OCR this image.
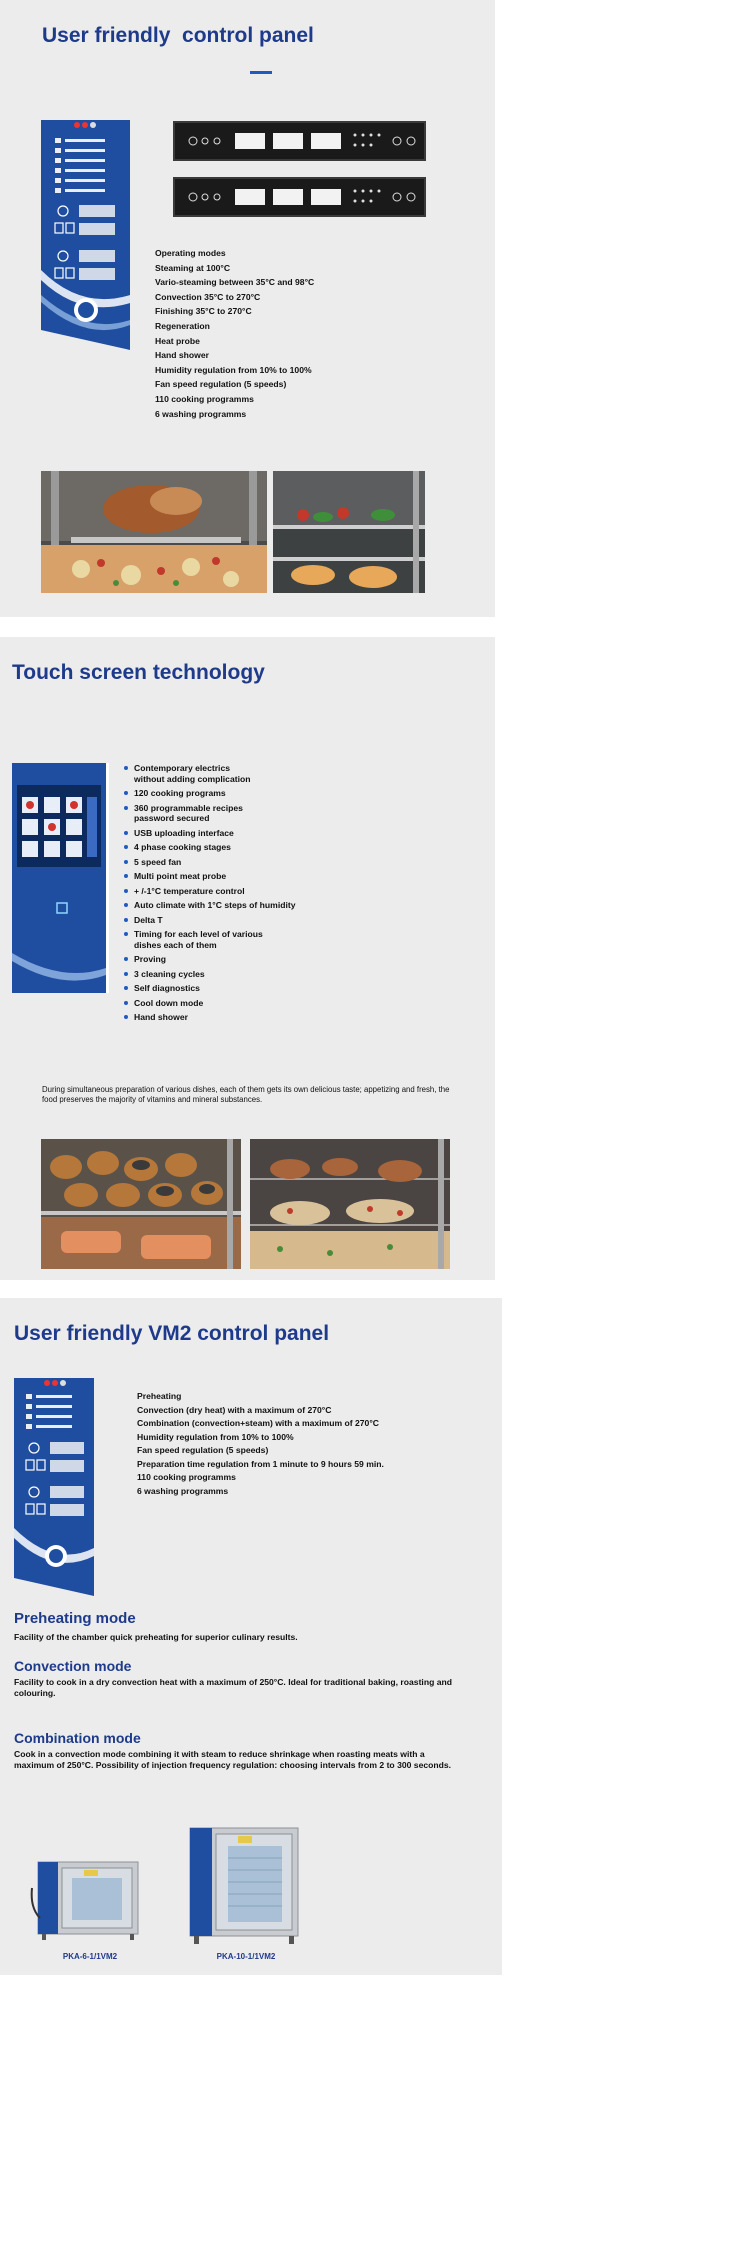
User friendly  control panel
Operating modes
Steaming at 100°C
Vario-steaming between 35°C and 98°C
Convection 35°C to 270°C
Finishing 35°C to 270°C
Regeneration
Heat probe
Hand shower
Humidity regulation from 10% to 100%
Fan speed regulation (5 speeds)
110 cooking programms
6 washing programms
Touch screen technology
Contemporary electrics without adding complication
120 cooking programs
360 programmable recipes password secured
USB uploading interface
4 phase cooking stages
5 speed fan
Multi point meat probe
+ /-1°C temperature control
Auto climate with 1°C steps of humidity
Delta T
Timing for each level of various dishes each of them
Proving
3 cleaning cycles
Self diagnostics
Cool down mode
Hand shower

During simultaneous preparation of various dishes, each of them gets its own delicious taste; appetizing and fresh, the food preserves the majority of vitamins and mineral substances.

User friendly VM2 control panel
Preheating
Convection (dry heat) with a maximum of 270°C
Combination (convection+steam) with a maximum of 270°C
Humidity regulation from 10% to 100%
Fan speed regulation (5 speeds)
Preparation time regulation from 1 minute to 9 hours 59 min.
110 cooking programms
6 washing programms
Preheating mode

Facility of the chamber quick preheating for superior culinary results.

Convection mode

Facility to cook in a dry convection heat with a maximum of 250°C. Ideal for traditional baking, roasting and colouring.

Combination mode

Cook in a convection mode combining it with steam to reduce shrinkage when roasting meats with a maximum of 250°C. Possibility of injection frequency regulation: choosing intervals from 2 to 300 seconds.

PKA-6-1/1VM2	PKA-10-1/1VM2
